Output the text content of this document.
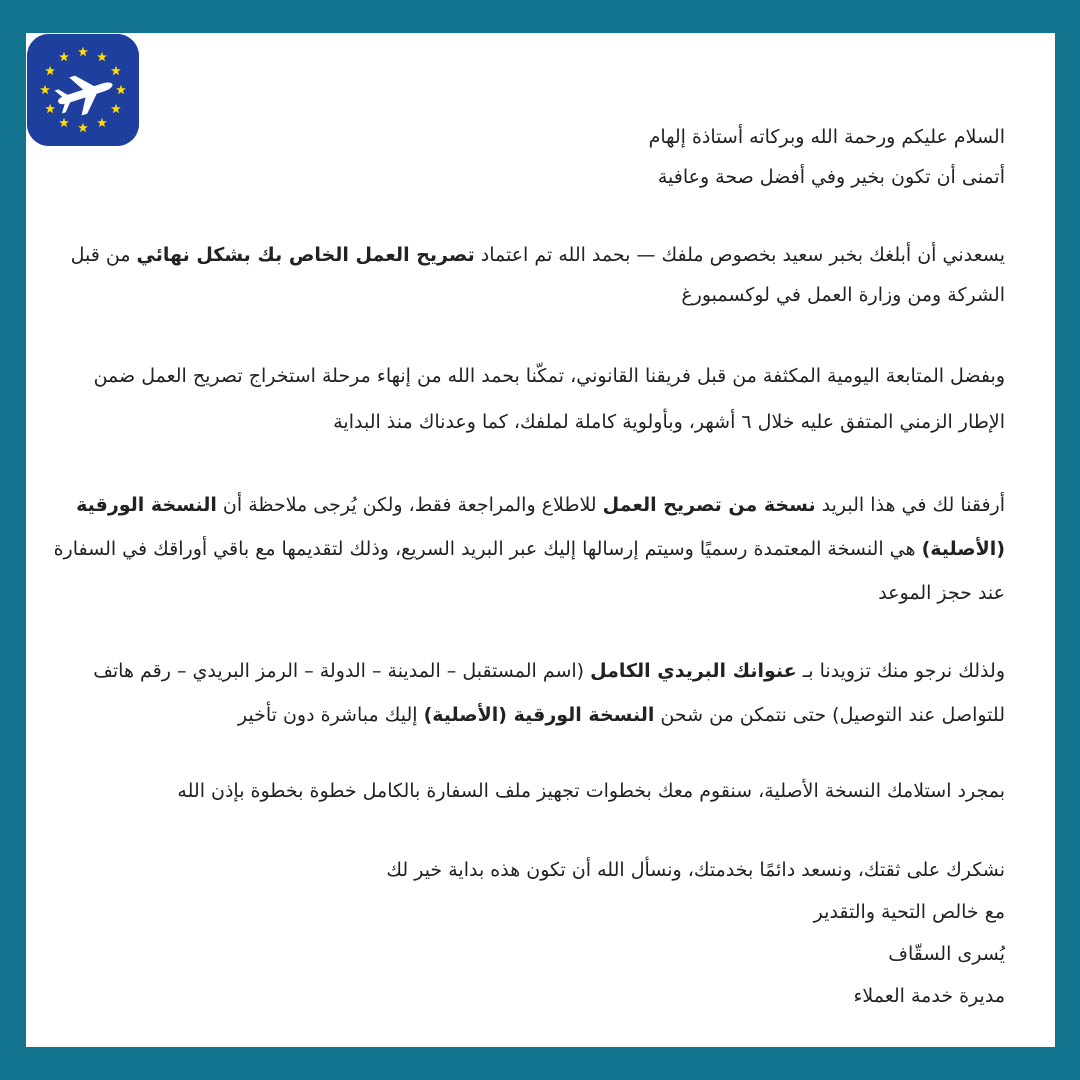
السلام عليكم ورحمة الله وبركاته أستاذة إلهام
أتمنى أن تكون بخير وفي أفضل صحة وعافية
يسعدني أن أبلغك بخبر سعيد بخصوص ملفك — بحمد الله تم اعتماد تصريح العمل الخاص بك بشكل نهائي من قبل
الشركة ومن وزارة العمل في لوكسمبورغ
وبفضل المتابعة اليومية المكثفة من قبل فريقنا القانوني، تمكّنا بحمد الله من إنهاء مرحلة استخراج تصريح العمل ضمن
الإطار الزمني المتفق عليه خلال ٦ أشهر، وبأولوية كاملة لملفك، كما وعدناك منذ البداية
أرفقنا لك في هذا البريد نسخة من تصريح العمل للاطلاع والمراجعة فقط، ولكن يُرجى ملاحظة أن النسخة الورقية
(الأصلية) هي النسخة المعتمدة رسميًا وسيتم إرسالها إليك عبر البريد السريع، وذلك لتقديمها مع باقي أوراقك في السفارة
عند حجز الموعد
ولذلك نرجو منك تزويدنا بـ عنوانك البريدي الكامل (اسم المستقبل – المدينة – الدولة – الرمز البريدي – رقم هاتف
للتواصل عند التوصيل) حتى نتمكن من شحن النسخة الورقية (الأصلية) إليك مباشرة دون تأخير
بمجرد استلامك النسخة الأصلية، سنقوم معك بخطوات تجهيز ملف السفارة بالكامل خطوة بخطوة بإذن الله
نشكرك على ثقتك، ونسعد دائمًا بخدمتك، ونسأل الله أن تكون هذه بداية خير لك
مع خالص التحية والتقدير
يُسرى السقّاف
مديرة خدمة العملاء
